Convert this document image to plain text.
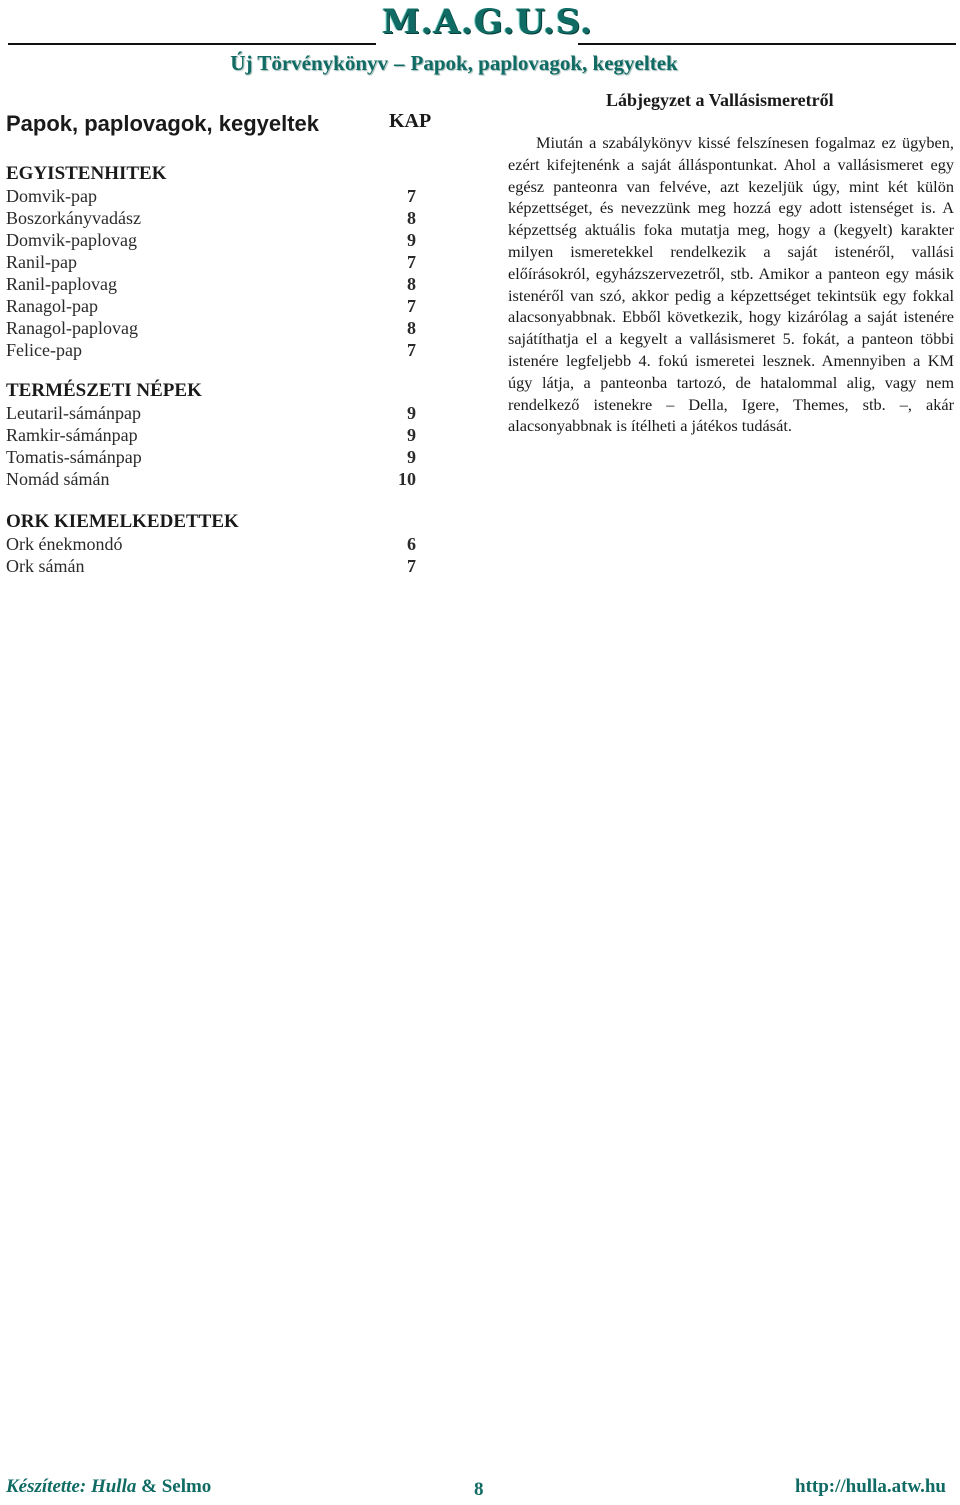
M.A.G.U.S.
Új Törvénykönyv – Papok, paplovagok, kegyeltek
Papok, paplovagok, kegyeltek	KAP
EGYISTENHITEK
Domvik-pap	7
Boszorkányvadász	8
Domvik-paplovag	9
Ranil-pap	7
Ranil-paplovag	8
Ranagol-pap	7
Ranagol-paplovag	8
Felice-pap	7
TERMÉSZETI NÉPEK
Leutaril-sámánpap	9
Ramkir-sámánpap	9
Tomatis-sámánpap	9
Nomád sámán	10
ORK KIEMELKEDETTEK
Ork énekmondó	6
Ork sámán	7
Lábjegyzet a Vallásismeretről
Miután a szabálykönyv kissé felszínesen fogalmaz ez ügyben, ezért kifejtenénk a saját álláspontunkat. Ahol a vallásismeret egy egész panteonra van felvéve, azt kezeljük úgy, mint két külön képzettséget, és nevezzünk meg hozzá egy adott istenséget is. A képzettség aktuális foka mutatja meg, hogy a (kegyelt) karakter milyen ismeretekkel rendelkezik a saját istenéről, vallási előírásokról, egyházszervezetről, stb. Amikor a panteon egy másik istenéről van szó, akkor pedig a képzettséget tekintsük egy fokkal alacsonyabbnak. Ebből következik, hogy kizárólag a saját istenére sajátíthatja el a kegyelt a vallásismeret 5. fokát, a panteon többi istenére legfeljebb 4. fokú ismeretei lesznek. Amennyiben a KM úgy látja, a panteonba tartozó, de hatalommal alig, vagy nem rendelkező istenekre – Della, Igere, Themes, stb. –, akár alacsonyabbnak is ítélheti a játékos tudását.
Készítette: Hulla & Selmo	8	http://hulla.atw.hu
